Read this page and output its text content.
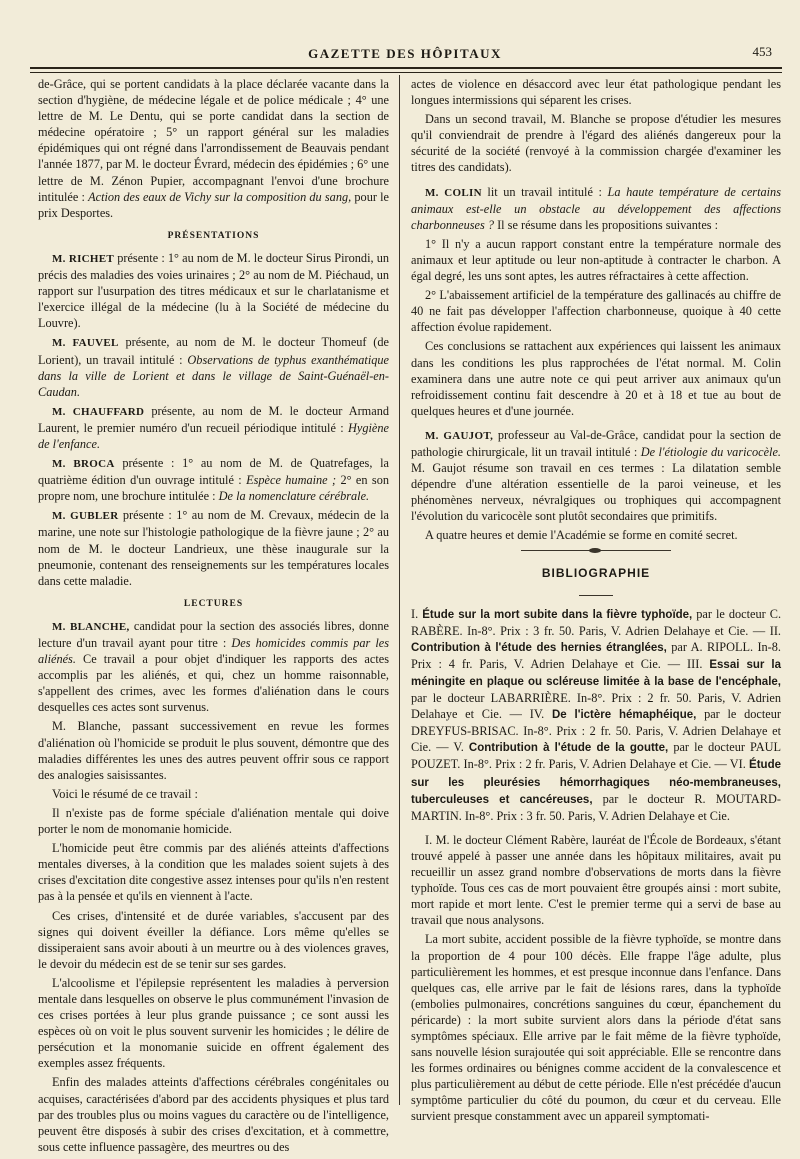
GAZETTE DES HÔPITAUX	453

de-Grâce, qui se portent candidats à la place déclarée vacante dans la section d'hygiène, de médecine légale et de police médicale ; 4° une lettre de M. Le Dentu, qui se porte candidat dans la section de médecine opératoire ; 5° un rapport général sur les maladies épidémiques qui ont régné dans l'arrondissement de Beauvais pendant l'année 1877, par M. le docteur Évrard, médecin des épidémies ; 6° une lettre de M. Zénon Pupier, accompagnant l'envoi d'une brochure intitulée : Action des eaux de Vichy sur la composition du sang, pour le prix Desportes.

PRÉSENTATIONS

M. RICHET présente : 1° au nom de M. le docteur Sirus Pirondi, un précis des maladies des voies urinaires ; 2° au nom de M. Piéchaud, un rapport sur l'usurpation des titres médicaux et sur le charlatanisme et l'exercice illégal de la médecine (lu à la Société de médecine du Louvre).

M. FAUVEL présente, au nom de M. le docteur Thomeuf (de Lorient), un travail intitulé : Observations de typhus exanthématique dans la ville de Lorient et dans le village de Saint-Guénaël-en-Caudan.

M. CHAUFFARD présente, au nom de M. le docteur Armand Laurent, le premier numéro d'un recueil périodique intitulé : Hygiène de l'enfance.

M. BROCA présente : 1° au nom de M. de Quatrefages, la quatrième édition d'un ouvrage intitulé : Espèce humaine ; 2° en son propre nom, une brochure intitulée : De la nomenclature cérébrale.

M. GUBLER présente : 1° au nom de M. Crevaux, médecin de la marine, une note sur l'histologie pathologique de la fièvre jaune ; 2° au nom de M. le docteur Landrieux, une thèse inaugurale sur la pneumonie, contenant des renseignements sur les températures locales dans cette maladie.

LECTURES

M. BLANCHE, candidat pour la section des associés libres, donne lecture d'un travail ayant pour titre : Des homicides commis par les aliénés. Ce travail a pour objet d'indiquer les rapports des actes accomplis par les aliénés, et qui, chez un homme raisonnable, s'appellent des crimes, avec les formes d'aliénation dans le cours desquelles ces actes sont survenus.

M. Blanche, passant successivement en revue les formes d'aliénation où l'homicide se produit le plus souvent, démontre que des maladies différentes les unes des autres peuvent offrir sous ce rapport des analogies saisissantes.

Voici le résumé de ce travail :

Il n'existe pas de forme spéciale d'aliénation mentale qui doive porter le nom de monomanie homicide.

L'homicide peut être commis par des aliénés atteints d'affections mentales diverses, à la condition que les malades soient sujets à des crises d'excitation dite congestive assez intenses pour qu'ils n'en restent pas à la pensée et qu'ils en viennent à l'acte.

Ces crises, d'intensité et de durée variables, s'accusent par des signes qui doivent éveiller la défiance. Lors même qu'elles se dissiperaient sans avoir abouti à un meurtre ou à des violences graves, le devoir du médecin est de se tenir sur ses gardes.

L'alcoolisme et l'épilepsie représentent les maladies à perversion mentale dans lesquelles on observe le plus communément l'invasion de ces crises portées à leur plus grande puissance ; ce sont aussi les espèces où on voit le plus souvent survenir les homicides ; le délire de persécution et la monomanie suicide en offrent également des exemples assez fréquents.

Enfin des malades atteints d'affections cérébrales congénitales ou acquises, caractérisées d'abord par des accidents physiques et plus tard par des troubles plus ou moins vagues du caractère ou de l'intelligence, peuvent être disposés à subir des crises d'excitation, et à commettre, sous cette influence passagère, des meurtres ou des

actes de violence en désaccord avec leur état pathologique pendant les longues intermissions qui séparent les crises.

Dans un second travail, M. Blanche se propose d'étudier les mesures qu'il conviendrait de prendre à l'égard des aliénés dangereux pour la sécurité de la société (renvoyé à la commission chargée d'examiner les titres des candidats).

M. COLIN lit un travail intitulé : La haute température de certains animaux est-elle un obstacle au développement des affections charbonneuses ? Il se résume dans les propositions suivantes :

1° Il n'y a aucun rapport constant entre la température normale des animaux et leur aptitude ou leur non-aptitude à contracter le charbon. A égal degré, les uns sont aptes, les autres réfractaires à cette affection.

2° L'abaissement artificiel de la température des gallinacés au chiffre de 40 ne fait pas développer l'affection charbonneuse, quoique à 40 cette affection évolue rapidement.

Ces conclusions se rattachent aux expériences qui laissent les animaux dans les conditions les plus rapprochées de l'état normal. M. Colin examinera dans une autre note ce qui peut arriver aux animaux qu'un refroidissement continu fait descendre à 20 et à 18 et tue au bout de quelques heures et d'une journée.

M. GAUJOT, professeur au Val-de-Grâce, candidat pour la section de pathologie chirurgicale, lit un travail intitulé : De l'étiologie du varicocèle. M. Gaujot résume son travail en ces termes : La dilatation semble dépendre d'une altération essentielle de la paroi veineuse, et les phénomènes nerveux, névralgiques ou trophiques qui accompagnent l'évolution du varicocèle sont plutôt secondaires que primitifs.

A quatre heures et demie l'Académie se forme en comité secret.

BIBLIOGRAPHIE

I. Étude sur la mort subite dans la fièvre typhoïde, par le docteur C. RABÈRE. In-8°. Prix : 3 fr. 50. Paris, V. Adrien Delahaye et Cie. — II. Contribution à l'étude des hernies étranglées, par A. RIPOLL. In-8. Prix : 4 fr. Paris, V. Adrien Delahaye et Cie. — III. Essai sur la méningite en plaque ou scléreuse limitée à la base de l'encéphale, par le docteur LABARRIÈRE. In-8°. Prix : 2 fr. 50. Paris, V. Adrien Delahaye et Cie. — IV. De l'ictère hémaphéique, par le docteur DREYFUS-BRISAC. In-8°. Prix : 2 fr. 50. Paris, V. Adrien Delahaye et Cie. — V. Contribution à l'étude de la goutte, par le docteur PAUL POUZET. In-8°. Prix : 2 fr. Paris, V. Adrien Delahaye et Cie. — VI. Étude sur les pleurésies hémorrhagiques néo-membraneuses, tuberculeuses et cancéreuses, par le docteur R. MOUTARD-MARTIN. In-8°. Prix : 3 fr. 50. Paris, V. Adrien Delahaye et Cie.

I. M. le docteur Clément Rabère, lauréat de l'École de Bordeaux, s'étant trouvé appelé à passer une année dans les hôpitaux militaires, avait pu recueillir un assez grand nombre d'observations de morts dans la fièvre typhoïde. Tous ces cas de mort pouvaient être groupés ainsi : mort subite, mort rapide et mort lente. C'est le premier terme qui a servi de base au travail que nous analysons.

La mort subite, accident possible de la fièvre typhoïde, se montre dans la proportion de 4 pour 100 décès. Elle frappe l'âge adulte, plus particulièrement les hommes, et est presque inconnue dans l'enfance. Dans quelques cas, elle arrive par le fait de lésions rares, dans la typhoïde (embolies pulmonaires, concrétions sanguines du cœur, épanchement du péricarde) : la mort subite survient alors dans la période d'état sans symptômes spéciaux. Elle arrive par le fait même de la fièvre typhoïde, sans nouvelle lésion surajoutée qui soit appréciable. Elle se rencontre dans les formes ordinaires ou bénignes comme accident de la convalescence et plus particulièrement au début de cette période. Elle n'est précédée d'aucun symptôme particulier du côté du poumon, du cœur et du cerveau. Elle survient presque constamment avec un appareil symptomati-
